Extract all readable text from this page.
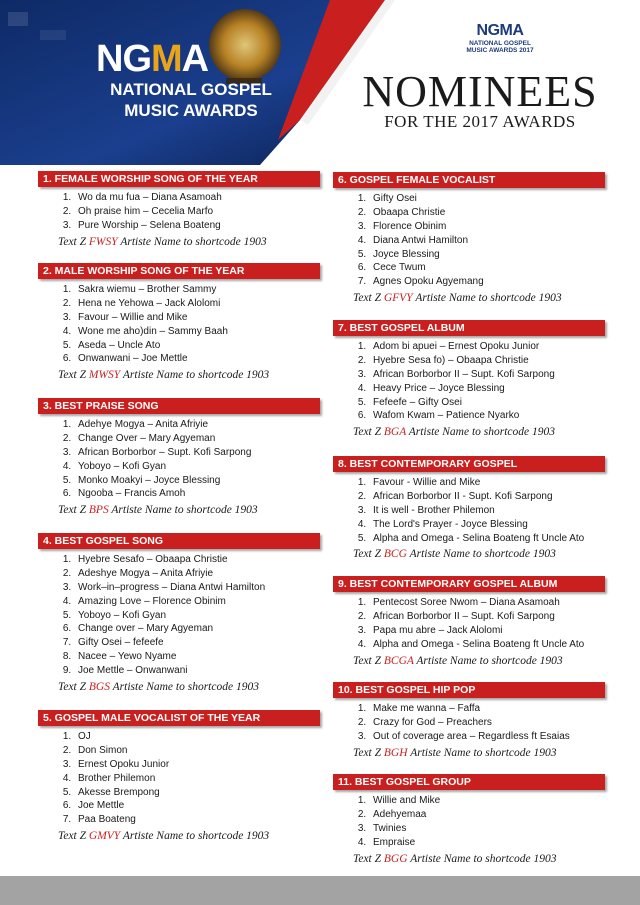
NGMA
NATIONAL GOSPEL
MUSIC AWARDS
NGMA
NATIONAL GOSPEL
MUSIC AWARDS 2017
NOMINEES
FOR THE 2017 AWARDS
1. FEMALE WORSHIP SONG OF THE YEAR
1. Wo da mu fua – Diana Asamoah
2. Oh praise him – Cecelia Marfo
3. Pure Worship – Selena Boateng
Text Z FWSY Artiste Name to shortcode 1903
2. MALE WORSHIP SONG OF THE YEAR
1. Sakra wiemu – Brother Sammy
2. Hena ne Yehowa – Jack Alolomi
3. Favour – Willie and Mike
4. Wone me aho)din – Sammy Baah
5. Aseda – Uncle Ato
6. Onwanwani – Joe Mettle
Text Z MWSY Artiste Name to shortcode 1903
3. BEST PRAISE SONG
1. Adehye Mogya – Anita Afriyie
2. Change Over – Mary Agyeman
3. African Borborbor – Supt. Kofi Sarpong
4. Yoboyo – Kofi Gyan
5. Monko Moakyi – Joyce Blessing
6. Ngooba – Francis Amoh
Text Z BPS Artiste Name to shortcode 1903
4. BEST GOSPEL SONG
1. Hyebre Sesafo – Obaapa Christie
2. Adeshye Mogya – Anita Afriyie
3. Work–in–progress – Diana Antwi Hamilton
4. Amazing Love – Florence Obinim
5. Yoboyo – Kofi Gyan
6. Change over – Mary Agyeman
7. Gifty Osei – fefeefe
8. Nacee – Yewo Nyame
9. Joe Mettle – Onwanwani
Text Z BGS Artiste Name to shortcode 1903
5. GOSPEL MALE VOCALIST OF THE YEAR
1. OJ
2. Don Simon
3. Ernest Opoku Junior
4. Brother Philemon
5. Akesse Brempong
6. Joe Mettle
7. Paa Boateng
Text Z GMVY Artiste Name to shortcode 1903
6. GOSPEL FEMALE VOCALIST
1. Gifty Osei
2. Obaapa Christie
3. Florence Obinim
4. Diana Antwi Hamilton
5. Joyce Blessing
6. Cece Twum
7. Agnes Opoku Agyemang
Text Z GFVY Artiste Name to shortcode 1903
7. BEST GOSPEL ALBUM
1. Adom bi apuei – Ernest Opoku Junior
2. Hyebre Sesa fo) – Obaapa Christie
3. African Borborbor II – Supt. Kofi Sarpong
4. Heavy Price – Joyce Blessing
5. Fefeefe – Gifty Osei
6. Wafom Kwam – Patience Nyarko
Text Z BGA Artiste Name to shortcode 1903
8. BEST CONTEMPORARY GOSPEL
1. Favour - Willie and Mike
2. African Borborbor II - Supt. Kofi Sarpong
3. It is well - Brother Philemon
4. The Lord's Prayer - Joyce Blessing
5. Alpha and Omega - Selina Boateng ft Uncle Ato
Text Z BCG Artiste Name to shortcode 1903
9. BEST CONTEMPORARY GOSPEL ALBUM
1. Pentecost Soree Nwom – Diana Asamoah
2. African Borborbor II – Supt. Kofi Sarpong
3. Papa mu abre – Jack Alolomi
4. Alpha and Omega - Selina Boateng ft Uncle Ato
Text Z BCGA Artiste Name to shortcode 1903
10. BEST GOSPEL HIP POP
1. Make me wanna – Faffa
2. Crazy for God – Preachers
3. Out of coverage area – Regardless ft Esaias
Text Z BGH Artiste Name to shortcode 1903
11. BEST GOSPEL GROUP
1. Willie and Mike
2. Adehyemaa
3. Twinies
4. Empraise
Text Z BGG Artiste Name to shortcode 1903
